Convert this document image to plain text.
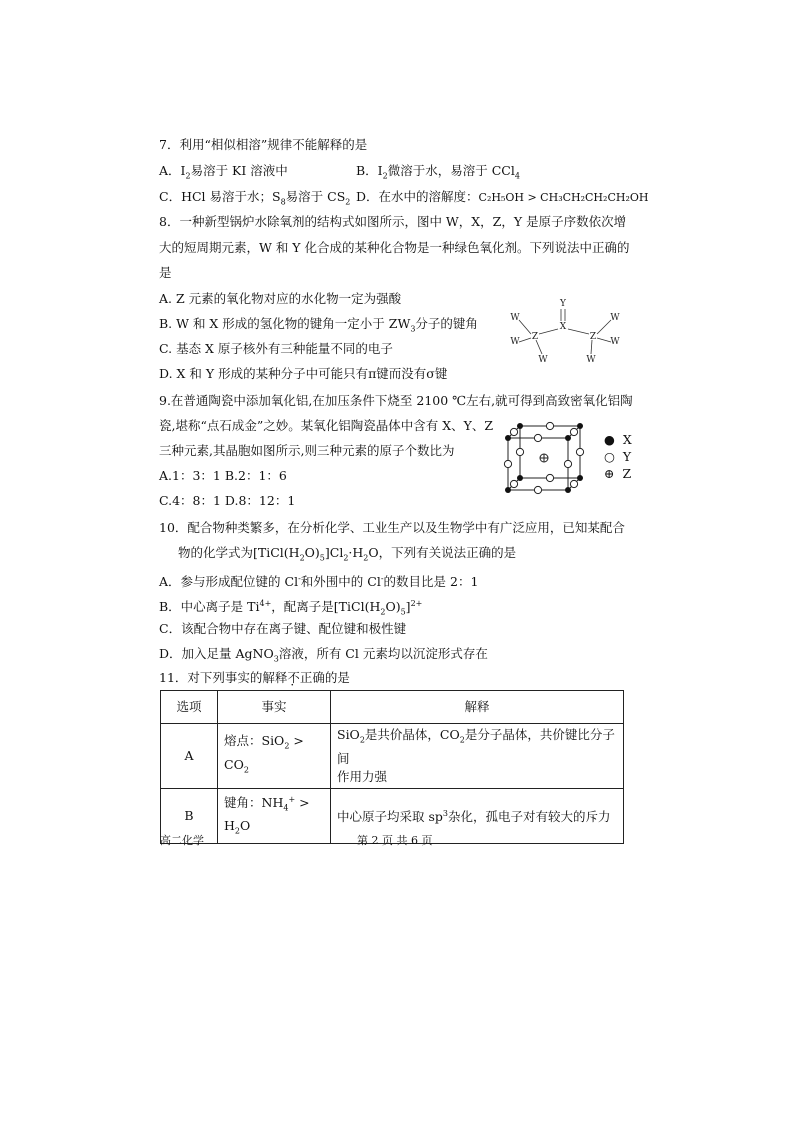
7．利用“相似相溶”规律不能解释的是
A．$I_2$易溶于 KI 溶液中	B．$I_2$微溶于水，易溶于 CCl$_4$
C．HCl 易溶于水；$S_8$易溶于 $CS_2$ D．在水中的溶解度：C₂H₅OH > CH₃CH₂CH₂CH₂OH
8．一种新型锅炉水除氧剂的结构式如图所示，图中 W，X，Z，Y 是原子序数依次增
大的短周期元素，W 和 Y 化合成的某种化合物是一种绿色氧化剂。下列说法中正确的
是
A. Z 元素的氧化物对应的水化物一定为强酸
B. W 和 X 形成的氢化物的键角一定小于 $ZW_3$分子的键角
C. 基态 X 原子核外有三种能量不同的电子
D. X 和 Y 形成的某种分子中可能只有π键而没有σ键
Y
X
Z	Z
W
W
W
W
W
W
9.在普通陶瓷中添加氧化铝,在加压条件下烧至 2100 ℃左右,就可得到高致密氧化铝陶
瓷,堪称“点石成金”之妙。某氧化铝陶瓷晶体中含有 X、Y、Z
三种元素,其晶胞如图所示,则三种元素的原子个数比为
A.1：3：1 B.2：1：6
C.4：8：1 D.8：12：1
● X
○ Y
⊕ Z
10．配合物种类繁多，在分析化学、工业生产以及生物学中有广泛应用，已知某配合
物的化学式为$[TiCl(H_2O)_5]Cl_2\cdot H_2O$，下列有关说法正确的是
A．参与形成配位键的 Cl-和外围中的 Cl-的数目比是 2：1
B．中心离子是 $Ti^{4+}$，配离子是$[TiCl(H_2O)_5]^{2+}$
C．该配合物中存在离子键、配位键和极性键
D．加入足量 AgNO$_3$溶液，所有 Cl 元素均以沉淀形式存在
11．对下列事实的解释不正确的是
选项	事实	解释
A	熔点：$SiO_2 > CO_2$	SiO$_2$是共价晶体，$CO_2$是分子晶体，共价键比分子间
作用力强
B	键角：$NH_4^+ > H_2O$	中心原子均采取 $sp^3$杂化，孤电子对有较大的斥力
高二化学	第 2 页 共 6 页
